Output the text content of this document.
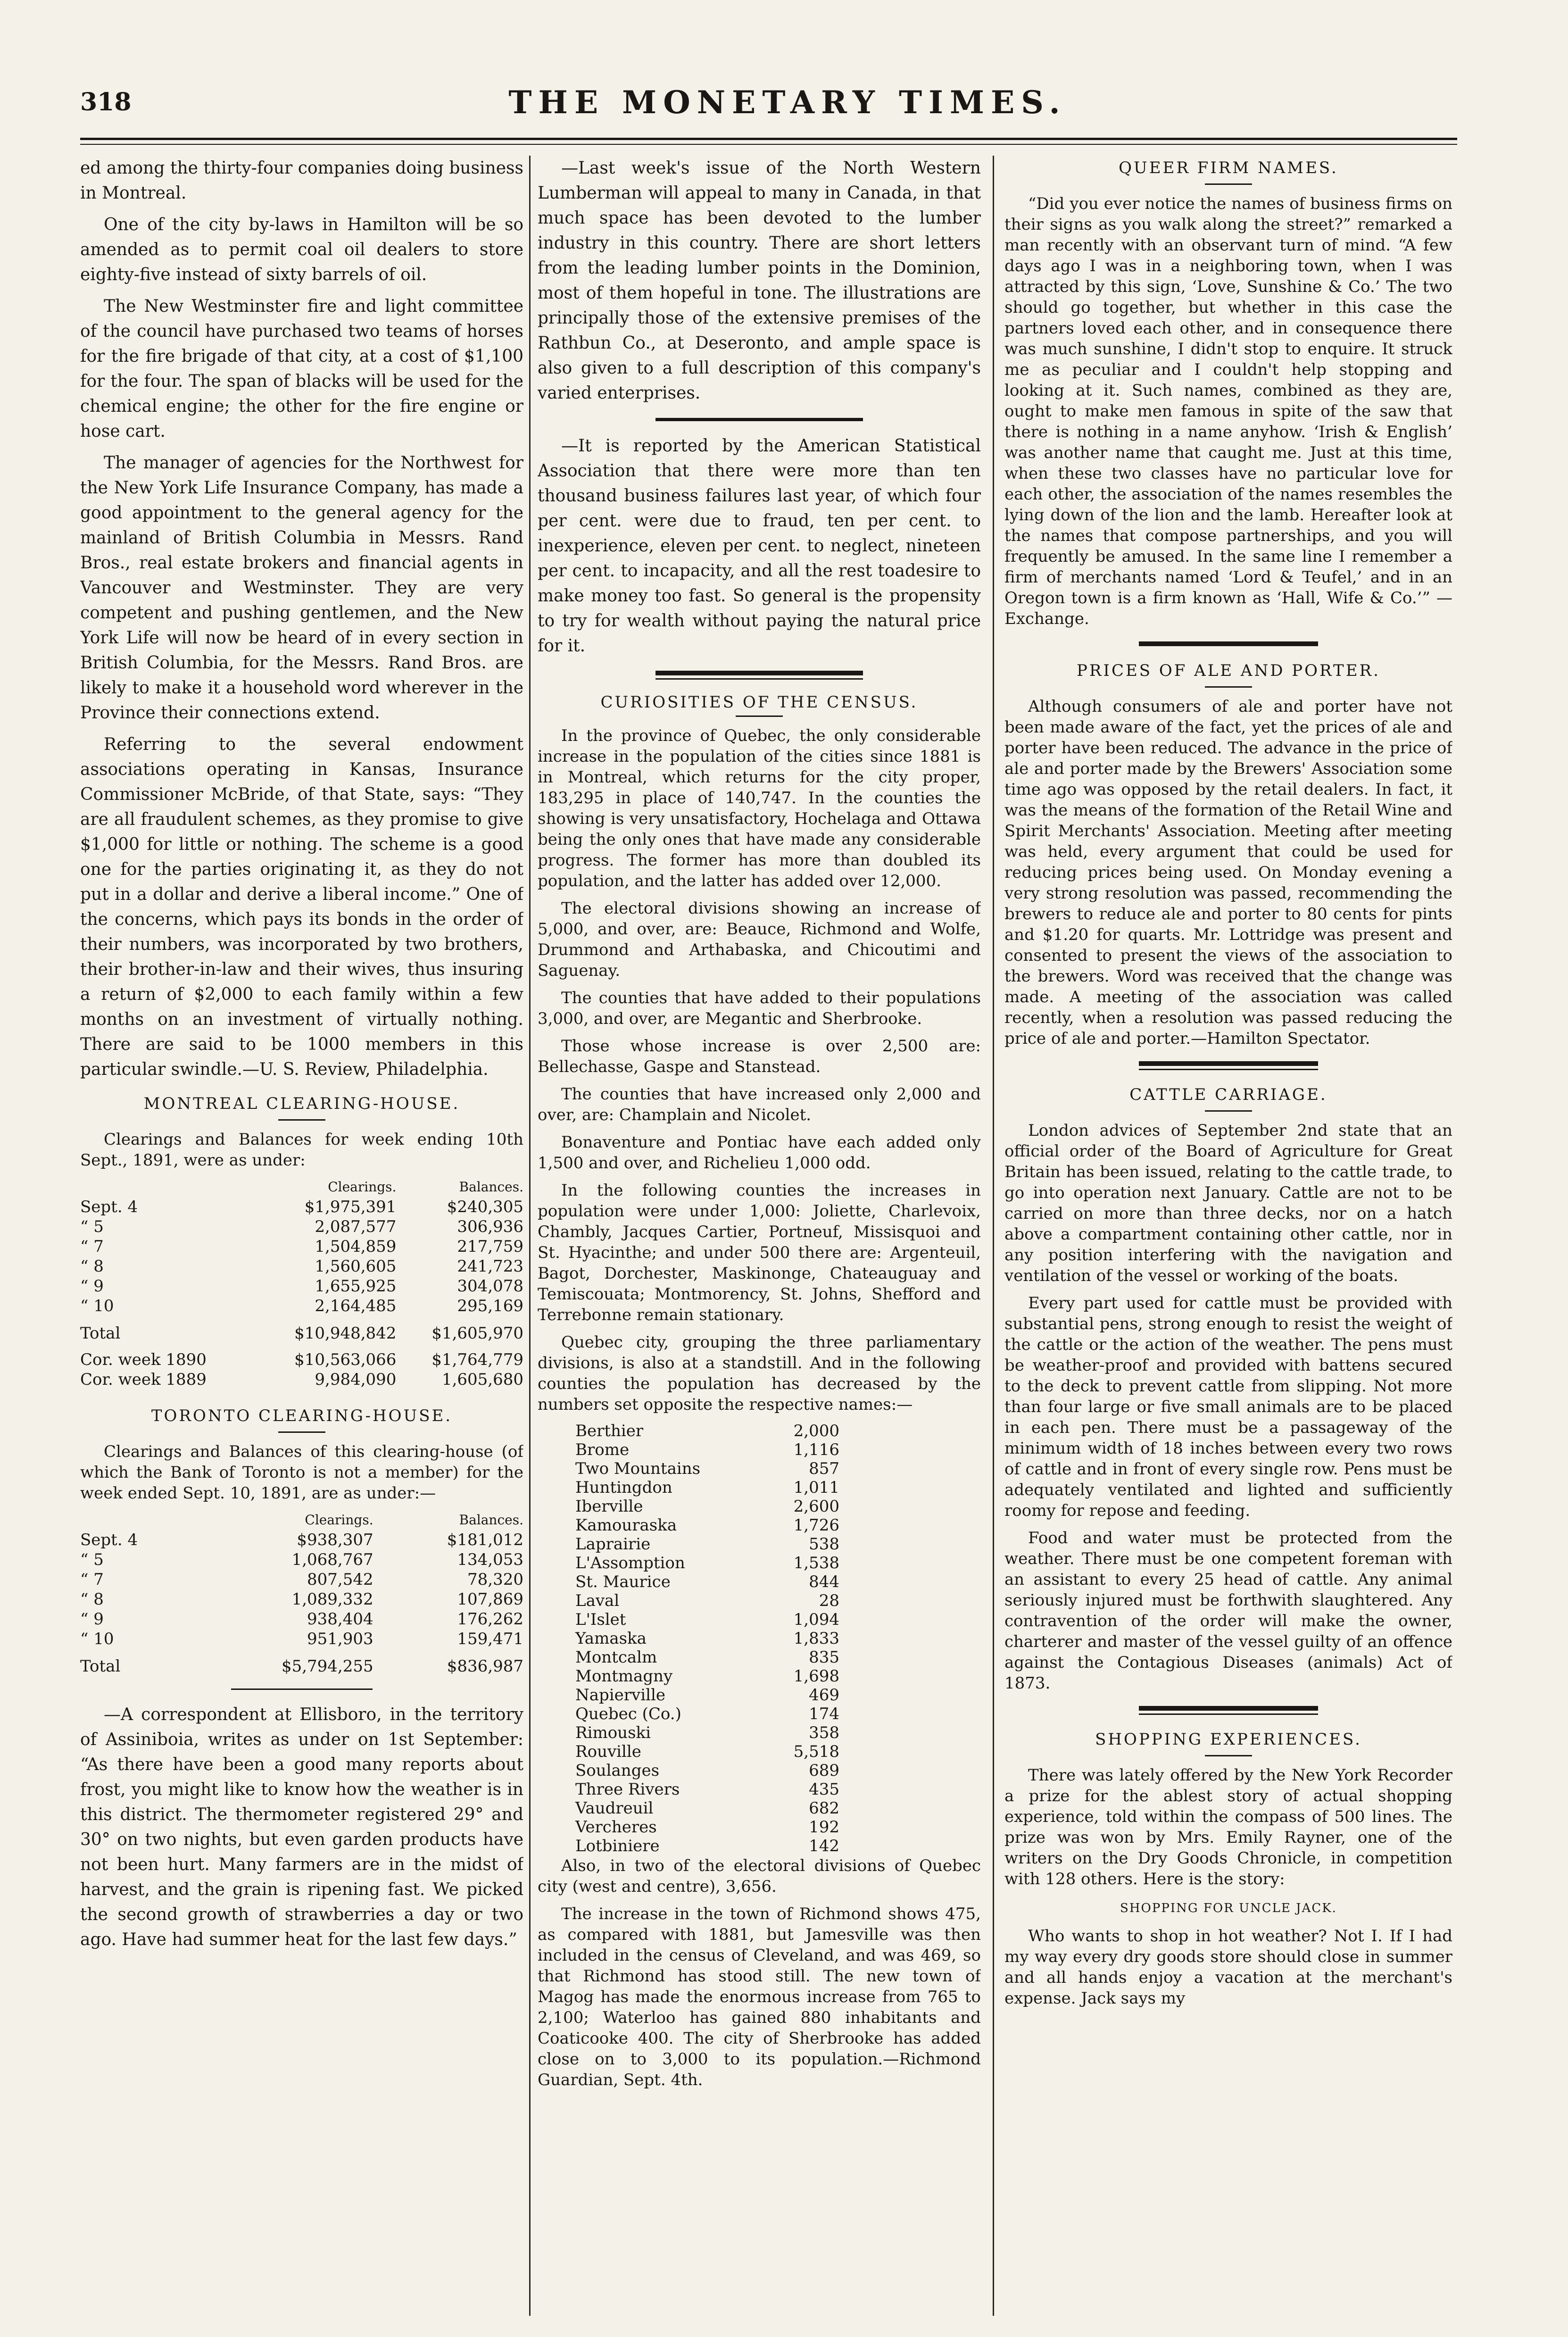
318	THE MONETARY TIMES.

ed among the thirty-four companies doing business in Montreal.

One of the city by-laws in Hamilton will be so amended as to permit coal oil dealers to store eighty-five instead of sixty barrels of oil.

The New Westminster fire and light committee of the council have purchased two teams of horses for the fire brigade of that city, at a cost of $1,100 for the four. The span of blacks will be used for the chemical engine; the other for the fire engine or hose cart.

The manager of agencies for the Northwest for the New York Life Insurance Company, has made a good appointment to the general agency for the mainland of British Columbia in Messrs. Rand Bros., real estate brokers and financial agents in Vancouver and Westminster. They are very competent and pushing gentlemen, and the New York Life will now be heard of in every section in British Columbia, for the Messrs. Rand Bros. are likely to make it a household word wherever in the Province their connections extend.

Referring to the several endowment associations operating in Kansas, Insurance Commissioner McBride, of that State, says: “They are all fraudulent schemes, as they promise to give $1,000 for little or nothing. The scheme is a good one for the parties originating it, as they do not put in a dollar and derive a liberal income.” One of the concerns, which pays its bonds in the order of their numbers, was incorporated by two brothers, their brother-in-law and their wives, thus insuring a return of $2,000 to each family within a few months on an investment of virtually nothing. There are said to be 1000 members in this particular swindle.—U. S. Review, Philadelphia.

MONTREAL CLEARING-HOUSE.

Clearings and Balances for week ending 10th Sept., 1891, were as under:

	Clearings.	Balances.
Sept. 4	$1,975,391	$240,305
“ 5	2,087,577	306,936
“ 7	1,504,859	217,759
“ 8	1,560,605	241,723
“ 9	1,655,925	304,078
“ 10	2,164,485	295,169
Total	$10,948,842	$1,605,970
Cor. week 1890	$10,563,066	$1,764,779
Cor. week 1889	9,984,090	1,605,680
TORONTO CLEARING-HOUSE.

Clearings and Balances of this clearing-house (of which the Bank of Toronto is not a member) for the week ended Sept. 10, 1891, are as under:—

	Clearings.	Balances.
Sept. 4	$938,307	$181,012
“ 5	1,068,767	134,053
“ 7	807,542	78,320
“ 8	1,089,332	107,869
“ 9	938,404	176,262
“ 10	951,903	159,471
Total	$5,794,255	$836,987

—A correspondent at Ellisboro, in the territory of Assiniboia, writes as under on 1st September: “As there have been a good many reports about frost, you might like to know how the weather is in this district. The thermometer registered 29° and 30° on two nights, but even garden products have not been hurt. Many farmers are in the midst of harvest, and the grain is ripening fast. We picked the second growth of strawberries a day or two ago. Have had summer heat for the last few days.”

—Last week's issue of the North Western Lumberman will appeal to many in Canada, in that much space has been devoted to the lumber industry in this country. There are short letters from the leading lumber points in the Dominion, most of them hopeful in tone. The illustrations are principally those of the extensive premises of the Rathbun Co., at Deseronto, and ample space is also given to a full description of this company's varied enterprises.

—It is reported by the American Statistical Association that there were more than ten thousand business failures last year, of which four per cent. were due to fraud, ten per cent. to inexperience, eleven per cent. to neglect, nineteen per cent. to incapacity, and all the rest toadesire to make money too fast. So general is the propensity to try for wealth without paying the natural price for it.

CURIOSITIES OF THE CENSUS.

In the province of Quebec, the only considerable increase in the population of the cities since 1881 is in Montreal, which returns for the city proper, 183,295 in place of 140,747. In the counties the showing is very unsatisfactory, Hochelaga and Ottawa being the only ones that have made any considerable progress. The former has more than doubled its population, and the latter has added over 12,000.

The electoral divisions showing an increase of 5,000, and over, are: Beauce, Richmond and Wolfe, Drummond and Arthabaska, and Chicoutimi and Saguenay.

The counties that have added to their populations 3,000, and over, are Megantic and Sherbrooke.

Those whose increase is over 2,500 are: Bellechasse, Gaspe and Stanstead.

The counties that have increased only 2,000 and over, are: Champlain and Nicolet.

Bonaventure and Pontiac have each added only 1,500 and over, and Richelieu 1,000 odd.

In the following counties the increases in population were under 1,000: Joliette, Charlevoix, Chambly, Jacques Cartier, Portneuf, Missisquoi and St. Hyacinthe; and under 500 there are: Argenteuil, Bagot, Dorchester, Maskinonge, Chateauguay and Temiscouata; Montmorency, St. Johns, Shefford and Terrebonne remain stationary.

Quebec city, grouping the three parliamentary divisions, is also at a standstill. And in the following counties the population has decreased by the numbers set opposite the respective names:—

Berthier	2,000
Brome	1,116
Two Mountains	857
Huntingdon	1,011
Iberville	2,600
Kamouraska	1,726
Laprairie	538
L'Assomption	1,538
St. Maurice	844
Laval	28
L'Islet	1,094
Yamaska	1,833
Montcalm	835
Montmagny	1,698
Napierville	469
Quebec (Co.)	174
Rimouski	358
Rouville	5,518
Soulanges	689
Three Rivers	435
Vaudreuil	682
Vercheres	192
Lotbiniere	142

Also, in two of the electoral divisions of Quebec city (west and centre), 3,656.

The increase in the town of Richmond shows 475, as compared with 1881, but Jamesville was then included in the census of Cleveland, and was 469, so that Richmond has stood still. The new town of Magog has made the enormous increase from 765 to 2,100; Waterloo has gained 880 inhabitants and Coaticooke 400. The city of Sherbrooke has added close on to 3,000 to its population.—Richmond Guardian, Sept. 4th.

QUEER FIRM NAMES.

“Did you ever notice the names of business firms on their signs as you walk along the street?” remarked a man recently with an observant turn of mind. “A few days ago I was in a neighboring town, when I was attracted by this sign, ‘Love, Sunshine & Co.’ The two should go together, but whether in this case the partners loved each other, and in consequence there was much sunshine, I didn't stop to enquire. It struck me as peculiar and I couldn't help stopping and looking at it. Such names, combined as they are, ought to make men famous in spite of the saw that there is nothing in a name anyhow. ‘Irish & English’ was another name that caught me. Just at this time, when these two classes have no particular love for each other, the association of the names resembles the lying down of the lion and the lamb. Hereafter look at the names that compose partnerships, and you will frequently be amused. In the same line I remember a firm of merchants named ‘Lord & Teufel,’ and in an Oregon town is a firm known as ‘Hall, Wife & Co.’” —Exchange.

PRICES OF ALE AND PORTER.

Although consumers of ale and porter have not been made aware of the fact, yet the prices of ale and porter have been reduced. The advance in the price of ale and porter made by the Brewers' Association some time ago was opposed by the retail dealers. In fact, it was the means of the formation of the Retail Wine and Spirit Merchants' Association. Meeting after meeting was held, every argument that could be used for reducing prices being used. On Monday evening a very strong resolution was passed, recommending the brewers to reduce ale and porter to 80 cents for pints and $1.20 for quarts. Mr. Lottridge was present and consented to present the views of the association to the brewers. Word was received that the change was made. A meeting of the association was called recently, when a resolution was passed reducing the price of ale and porter.—Hamilton Spectator.

CATTLE CARRIAGE.

London advices of September 2nd state that an official order of the Board of Agriculture for Great Britain has been issued, relating to the cattle trade, to go into operation next January. Cattle are not to be carried on more than three decks, nor on a hatch above a compartment containing other cattle, nor in any position interfering with the navigation and ventilation of the vessel or working of the boats.

Every part used for cattle must be provided with substantial pens, strong enough to resist the weight of the cattle or the action of the weather. The pens must be weather-proof and provided with battens secured to the deck to prevent cattle from slipping. Not more than four large or five small animals are to be placed in each pen. There must be a passageway of the minimum width of 18 inches between every two rows of cattle and in front of every single row. Pens must be adequately ventilated and lighted and sufficiently roomy for repose and feeding.

Food and water must be protected from the weather. There must be one competent foreman with an assistant to every 25 head of cattle. Any animal seriously injured must be forthwith slaughtered. Any contravention of the order will make the owner, charterer and master of the vessel guilty of an offence against the Contagious Diseases (animals) Act of 1873.

SHOPPING EXPERIENCES.

There was lately offered by the New York Recorder a prize for the ablest story of actual shopping experience, told within the compass of 500 lines. The prize was won by Mrs. Emily Rayner, one of the writers on the Dry Goods Chronicle, in competition with 128 others. Here is the story:

SHOPPING FOR UNCLE JACK.

Who wants to shop in hot weather? Not I. If I had my way every dry goods store should close in summer and all hands enjoy a vacation at the merchant's expense. Jack says my
